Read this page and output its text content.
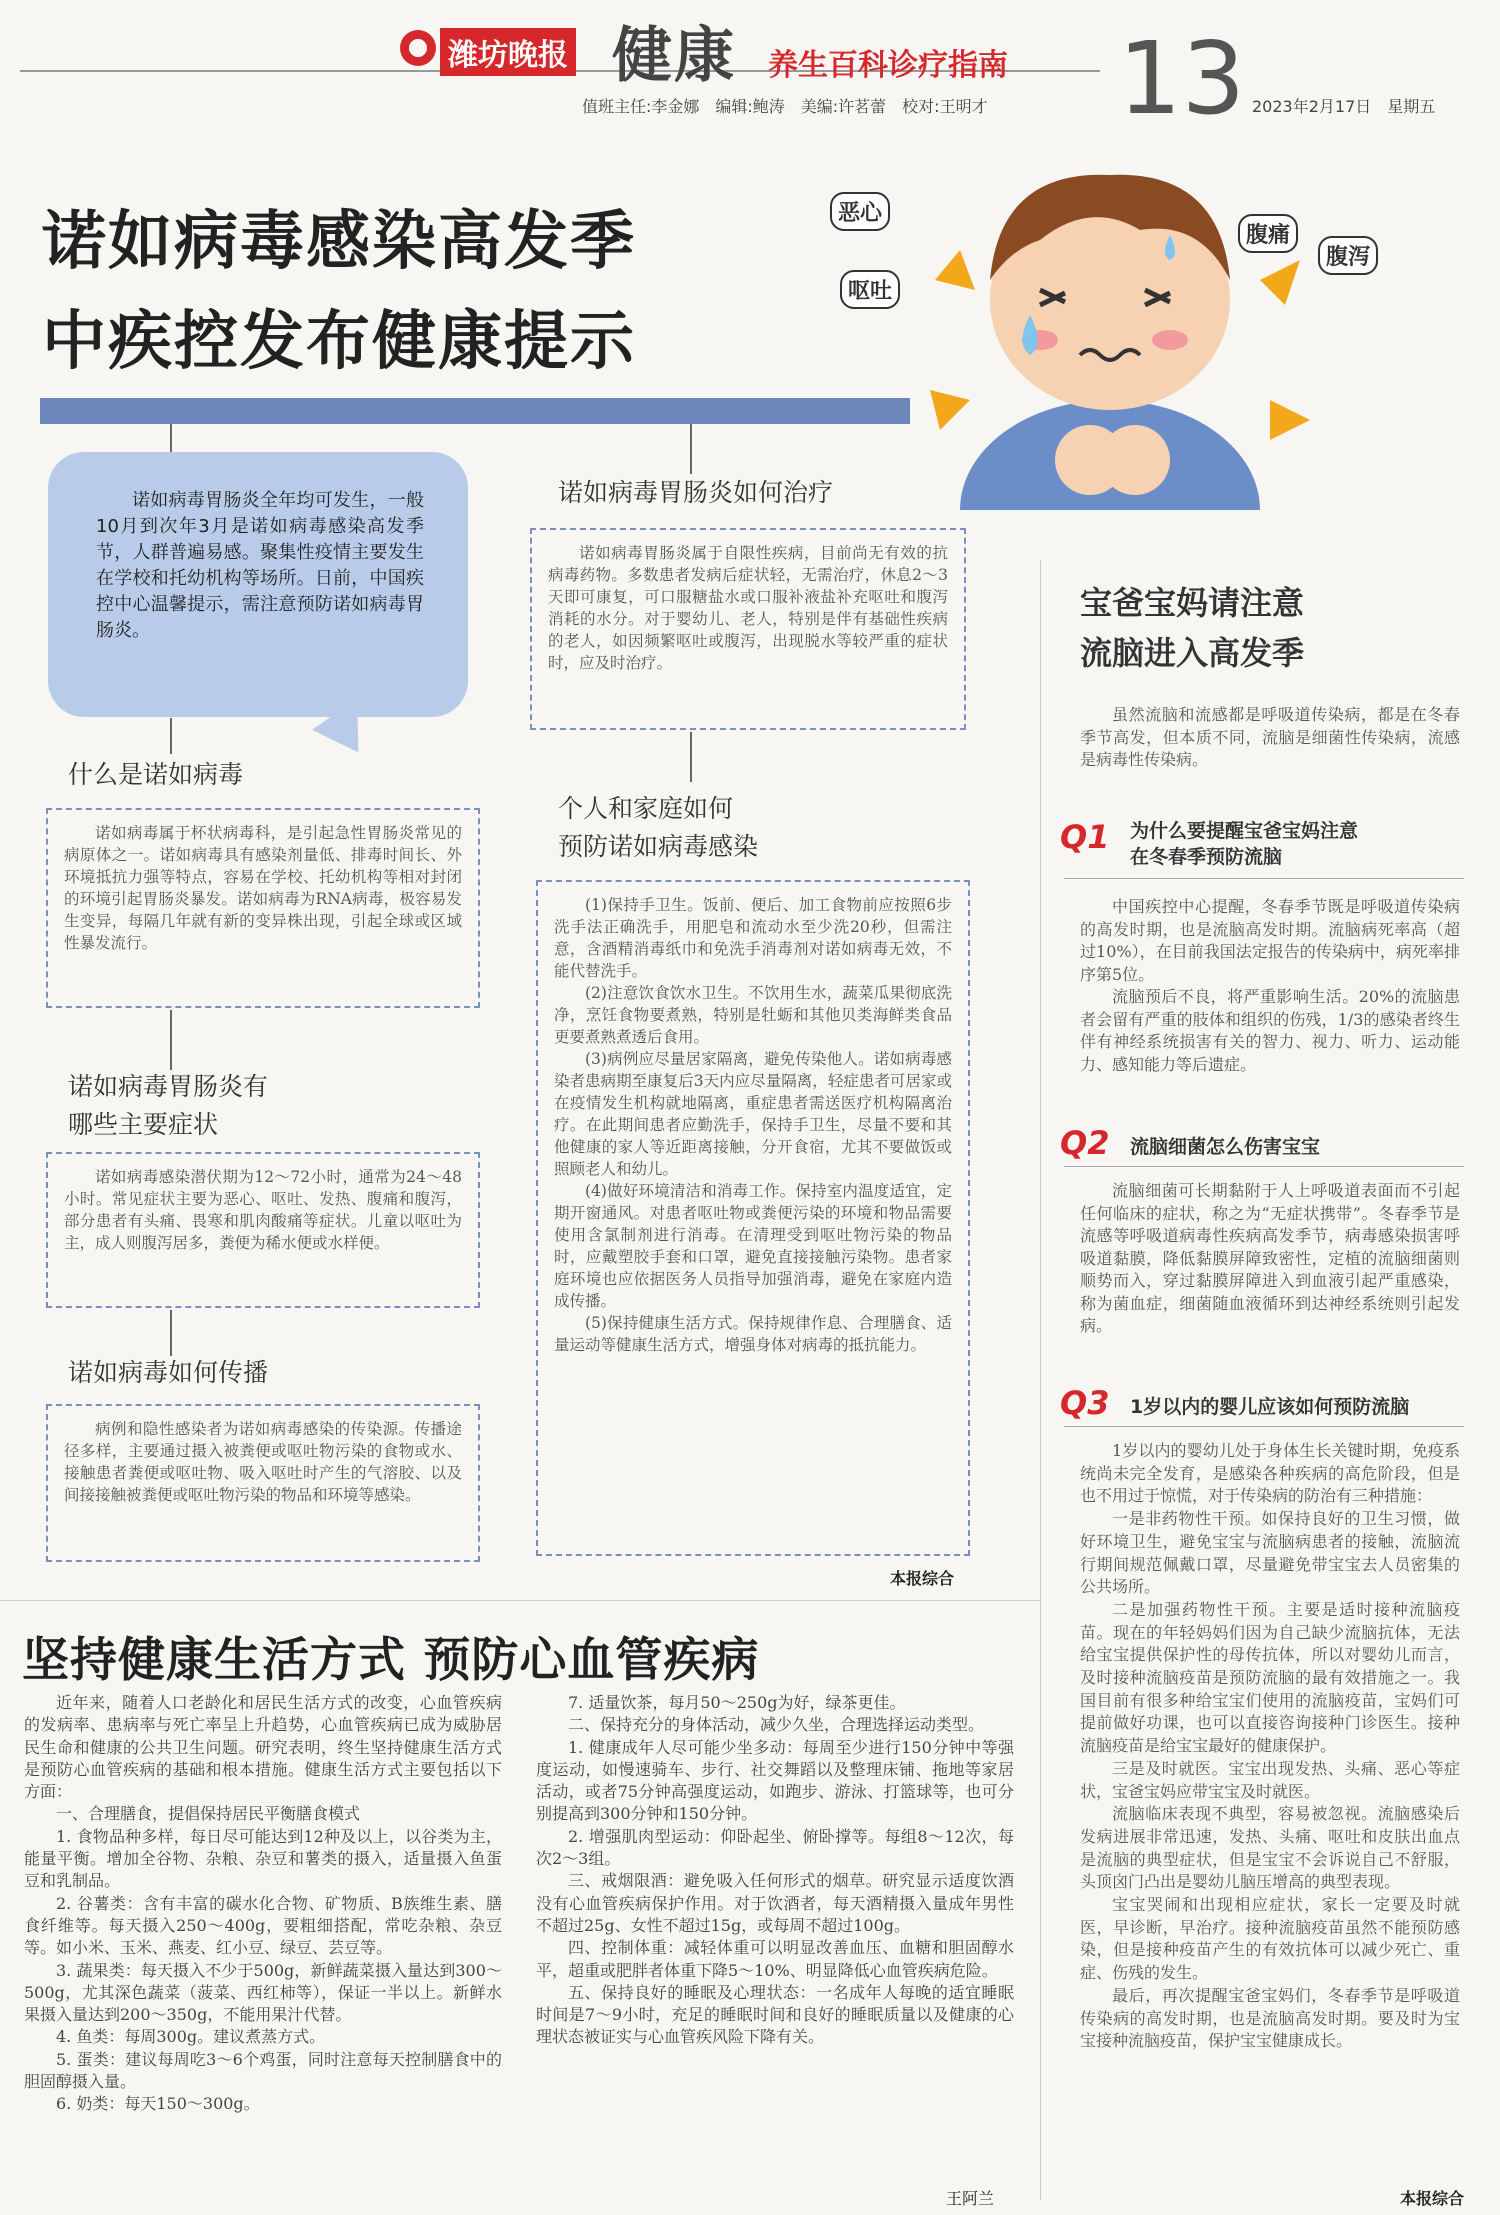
潍坊晚报 健康 养生百科诊疗指南
值班主任:李金娜　编辑:鲍涛　美编:许茗蕾　校对:王明才 13 2023年2月17日　星期五
诺如病毒感染高发季
中疾控发布健康提示
恶心
呕吐
腹痛
腹泻

诺如病毒胃肠炎全年均可发生，一般10月到次年3月是诺如病毒感染高发季节，人群普遍易感。聚集性疫情主要发生在学校和托幼机构等场所。日前，中国疾控中心温馨提示，需注意预防诺如病毒胃肠炎。

什么是诺如病毒

诺如病毒属于杯状病毒科，是引起急性胃肠炎常见的病原体之一。诺如病毒具有感染剂量低、排毒时间长、外环境抵抗力强等特点，容易在学校、托幼机构等相对封闭的环境引起胃肠炎暴发。诺如病毒为RNA病毒，极容易发生变异，每隔几年就有新的变异株出现，引起全球或区域性暴发流行。

诺如病毒胃肠炎有
哪些主要症状

诺如病毒感染潜伏期为12～72小时，通常为24～48小时。常见症状主要为恶心、呕吐、发热、腹痛和腹泻，部分患者有头痛、畏寒和肌肉酸痛等症状。儿童以呕吐为主，成人则腹泻居多，粪便为稀水便或水样便。

诺如病毒如何传播

病例和隐性感染者为诺如病毒感染的传染源。传播途径多样，主要通过摄入被粪便或呕吐物污染的食物或水、接触患者粪便或呕吐物、吸入呕吐时产生的气溶胶、以及间接接触被粪便或呕吐物污染的物品和环境等感染。

诺如病毒胃肠炎如何治疗

诺如病毒胃肠炎属于自限性疾病，目前尚无有效的抗病毒药物。多数患者发病后症状轻，无需治疗，休息2～3天即可康复，可口服糖盐水或口服补液盐补充呕吐和腹泻消耗的水分。对于婴幼儿、老人，特别是伴有基础性疾病的老人，如因频繁呕吐或腹泻，出现脱水等较严重的症状时，应及时治疗。

个人和家庭如何
预防诺如病毒感染

(1)保持手卫生。饭前、便后、加工食物前应按照6步洗手法正确洗手，用肥皂和流动水至少洗20秒，但需注意，含酒精消毒纸巾和免洗手消毒剂对诺如病毒无效，不能代替洗手。

(2)注意饮食饮水卫生。不饮用生水，蔬菜瓜果彻底洗净，烹饪食物要煮熟，特别是牡蛎和其他贝类海鲜类食品更要煮熟煮透后食用。

(3)病例应尽量居家隔离，避免传染他人。诺如病毒感染者患病期至康复后3天内应尽量隔离，轻症患者可居家或在疫情发生机构就地隔离，重症患者需送医疗机构隔离治疗。在此期间患者应勤洗手，保持手卫生，尽量不要和其他健康的家人等近距离接触，分开食宿，尤其不要做饭或照顾老人和幼儿。

(4)做好环境清洁和消毒工作。保持室内温度适宜，定期开窗通风。对患者呕吐物或粪便污染的环境和物品需要使用含氯制剂进行消毒。在清理受到呕吐物污染的物品时，应戴塑胶手套和口罩，避免直接接触污染物。患者家庭环境也应依据医务人员指导加强消毒，避免在家庭内造成传播。

(5)保持健康生活方式。保持规律作息、合理膳食、适量运动等健康生活方式，增强身体对病毒的抵抗能力。

本报综合
宝爸宝妈请注意
流脑进入高发季

虽然流脑和流感都是呼吸道传染病，都是在冬春季节高发，但本质不同，流脑是细菌性传染病，流感是病毒性传染病。

Q1 为什么要提醒宝爸宝妈注意
在冬春季预防流脑

中国疾控中心提醒，冬春季节既是呼吸道传染病的高发时期，也是流脑高发时期。流脑病死率高（超过10%），在目前我国法定报告的传染病中，病死率排序第5位。

流脑预后不良，将严重影响生活。20%的流脑患者会留有严重的肢体和组织的伤残，1/3的感染者终生伴有神经系统损害有关的智力、视力、听力、运动能力、感知能力等后遗症。

Q2 流脑细菌怎么伤害宝宝

流脑细菌可长期黏附于人上呼吸道表面而不引起任何临床的症状，称之为“无症状携带”。冬春季节是流感等呼吸道病毒性疾病高发季节，病毒感染损害呼吸道黏膜，降低黏膜屏障致密性，定植的流脑细菌则顺势而入，穿过黏膜屏障进入到血液引起严重感染，称为菌血症，细菌随血液循环到达神经系统则引起发病。

Q3 1岁以内的婴儿应该如何预防流脑

1岁以内的婴幼儿处于身体生长关键时期，免疫系统尚未完全发育，是感染各种疾病的高危阶段，但是也不用过于惊慌，对于传染病的防治有三种措施：

一是非药物性干预。如保持良好的卫生习惯，做好环境卫生，避免宝宝与流脑病患者的接触，流脑流行期间规范佩戴口罩，尽量避免带宝宝去人员密集的公共场所。

二是加强药物性干预。主要是适时接种流脑疫苗。现在的年轻妈妈们因为自己缺少流脑抗体，无法给宝宝提供保护性的母传抗体，所以对婴幼儿而言，及时接种流脑疫苗是预防流脑的最有效措施之一。我国目前有很多种给宝宝们使用的流脑疫苗，宝妈们可提前做好功课，也可以直接咨询接种门诊医生。接种流脑疫苗是给宝宝最好的健康保护。

三是及时就医。宝宝出现发热、头痛、恶心等症状，宝爸宝妈应带宝宝及时就医。

流脑临床表现不典型，容易被忽视。流脑感染后发病进展非常迅速，发热、头痛、呕吐和皮肤出血点是流脑的典型症状，但是宝宝不会诉说自己不舒服，头顶囟门凸出是婴幼儿脑压增高的典型表现。

宝宝哭闹和出现相应症状，家长一定要及时就医，早诊断，早治疗。接种流脑疫苗虽然不能预防感染，但是接种疫苗产生的有效抗体可以减少死亡、重症、伤残的发生。

最后，再次提醒宝爸宝妈们，冬春季节是呼吸道传染病的高发时期，也是流脑高发时期。要及时为宝宝接种流脑疫苗，保护宝宝健康成长。

本报综合
坚持健康生活方式 预防心血管疾病

近年来，随着人口老龄化和居民生活方式的改变，心血管疾病的发病率、患病率与死亡率呈上升趋势，心血管疾病已成为威胁居民生命和健康的公共卫生问题。研究表明，终生坚持健康生活方式是预防心血管疾病的基础和根本措施。健康生活方式主要包括以下方面：

一、合理膳食，提倡保持居民平衡膳食模式

1. 食物品种多样，每日尽可能达到12种及以上，以谷类为主，能量平衡。增加全谷物、杂粮、杂豆和薯类的摄入，适量摄入鱼蛋豆和乳制品。

2. 谷薯类：含有丰富的碳水化合物、矿物质、B族维生素、膳食纤维等。每天摄入250～400g，要粗细搭配，常吃杂粮、杂豆等。如小米、玉米、燕麦、红小豆、绿豆、芸豆等。

3. 蔬果类：每天摄入不少于500g，新鲜蔬菜摄入量达到300～500g，尤其深色蔬菜（菠菜、西红柿等），保证一半以上。新鲜水果摄入量达到200～350g，不能用果汁代替。

4. 鱼类：每周300g。建议煮蒸方式。

5. 蛋类：建议每周吃3～6个鸡蛋，同时注意每天控制膳食中的胆固醇摄入量。

6. 奶类：每天150～300g。

7. 适量饮茶，每月50～250g为好，绿茶更佳。

二、保持充分的身体活动，减少久坐，合理选择运动类型。

1. 健康成年人尽可能少坐多动：每周至少进行150分钟中等强度运动，如慢速骑车、步行、社交舞蹈以及整理床铺、拖地等家居活动，或者75分钟高强度运动，如跑步、游泳、打篮球等，也可分别提高到300分钟和150分钟。

2. 增强肌肉型运动：仰卧起坐、俯卧撑等。每组8～12次，每次2～3组。

三、戒烟限酒：避免吸入任何形式的烟草。研究显示适度饮酒没有心血管疾病保护作用。对于饮酒者，每天酒精摄入量成年男性不超过25g、女性不超过15g，或每周不超过100g。

四、控制体重：减轻体重可以明显改善血压、血糖和胆固醇水平，超重或肥胖者体重下降5～10%、明显降低心血管疾病危险。

五、保持良好的睡眠及心理状态：一名成年人每晚的适宜睡眠时间是7～9小时，充足的睡眠时间和良好的睡眠质量以及健康的心理状态被证实与心血管疾风险下降有关。

王阿兰
